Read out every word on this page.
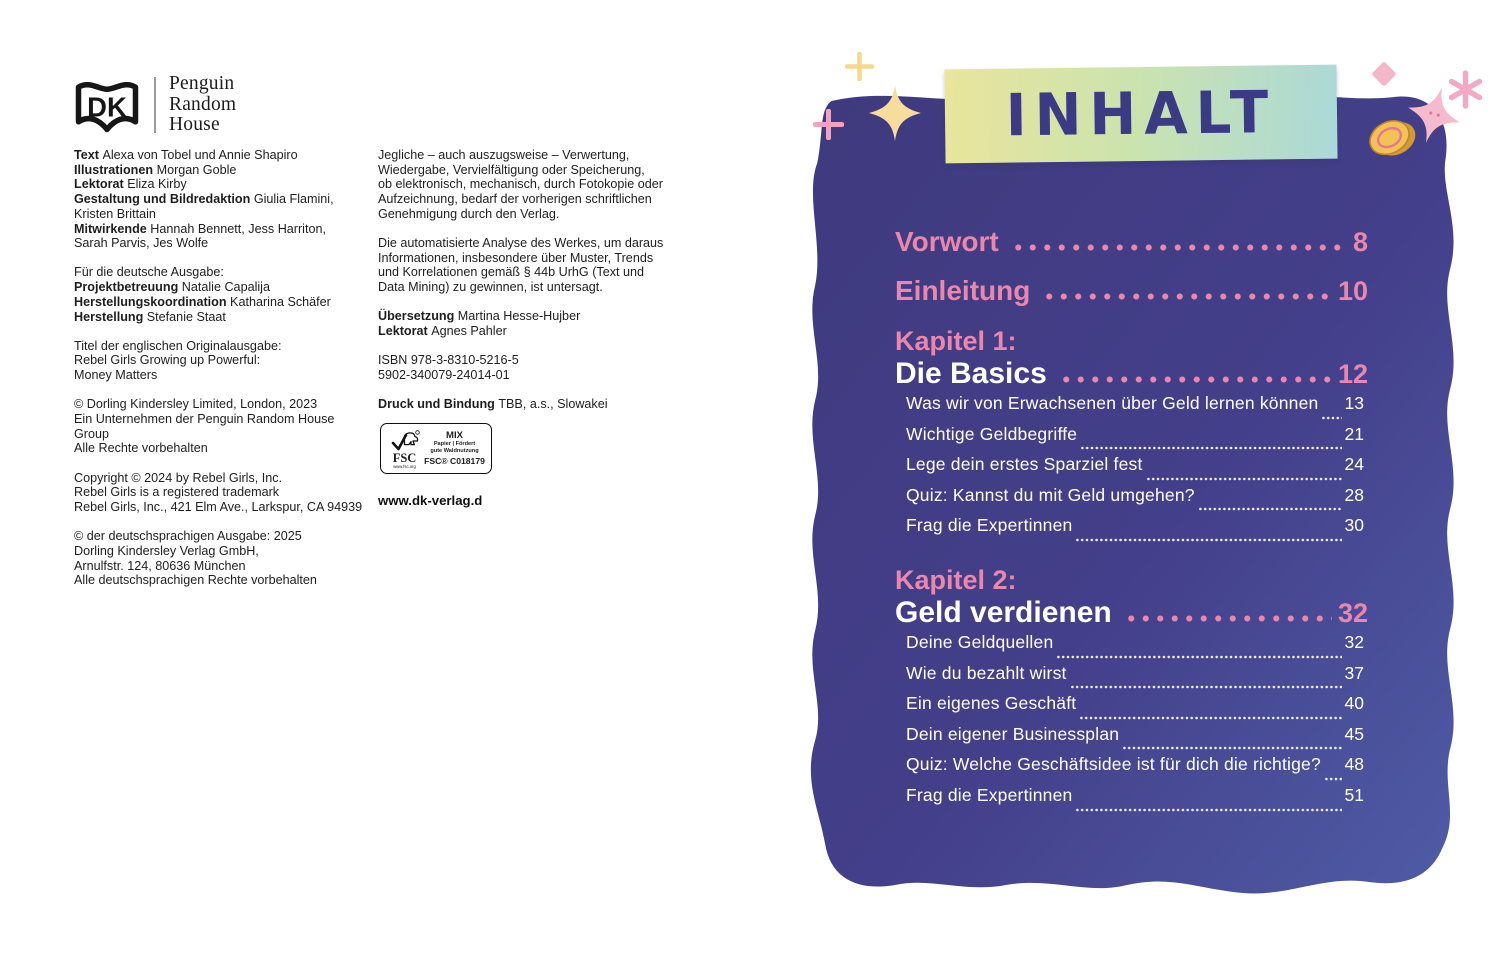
DK
Penguin
Random
House
Text Alexa von Tobel und Annie Shapiro
Illustrationen Morgan Goble
Lektorat Eliza Kirby
Gestaltung und Bildredaktion Giulia Flamini,
Kristen Brittain
Mitwirkende Hannah Bennett, Jess Harriton,
Sarah Parvis, Jes Wolfe
Für die deutsche Ausgabe:
Projektbetreuung Natalie Capalija
Herstellungskoordination Katharina Schäfer
Herstellung Stefanie Staat
Titel der englischen Originalausgabe:
Rebel Girls Growing up Powerful:
Money Matters
© Dorling Kindersley Limited, London, 2023
Ein Unternehmen der Penguin Random House
Group
Alle Rechte vorbehalten
Copyright © 2024 by Rebel Girls, Inc.
Rebel Girls is a registered trademark
Rebel Girls, Inc., 421 Elm Ave., Larkspur, CA 94939
© der deutschsprachigen Ausgabe: 2025
Dorling Kindersley Verlag GmbH,
Arnulfstr. 124, 80636 München
Alle deutschsprachigen Rechte vorbehalten
Jegliche – auch auszugsweise – Verwertung,
Wiedergabe, Vervielfältigung oder Speicherung,
ob elektronisch, mechanisch, durch Fotokopie oder
Aufzeichnung, bedarf der vorherigen schriftlichen
Genehmigung durch den Verlag.
Die automatisierte Analyse des Werkes, um daraus
Informationen, insbesondere über Muster, Trends
und Korrelationen gemäß § 44b UrhG (Text und
Data Mining) zu gewinnen, ist untersagt.
Übersetzung Martina Hesse-Hujber
Lektorat Agnes Pahler
ISBN 978-3-8310-5216-5
5902-340079-24014-01
Druck und Bindung TBB, a.s., Slowakei
FSC
www.fsc.org
MIX
Papier | Fördert
gute Waldnutzung
FSC® C018179
www.dk-verlag.d
INHALT
Vorwort	8
Einleitung	10
Kapitel 1:
Die Basics	12
Was wir von Erwachsenen über Geld lernen können 13
Wichtige Geldbegriffe	21
Lege dein erstes Sparziel fest	24
Quiz: Kannst du mit Geld umgehen?	28
Frag die Expertinnen	30
Kapitel 2:
Geld verdienen	32
Deine Geldquellen	32
Wie du bezahlt wirst	37
Ein eigenes Geschäft	40
Dein eigener Businessplan	45
Quiz: Welche Geschäftsidee ist für dich die richtige? 48
Frag die Expertinnen	51
